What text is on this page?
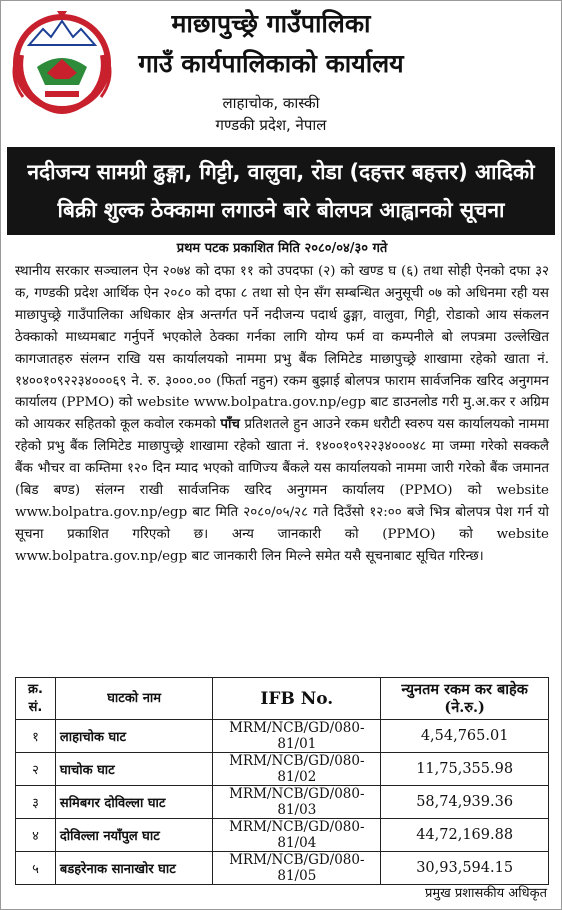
माछापुच्छ्रे गाउँपालिका
गाउँ कार्यपालिकाको कार्यालय
लाहाचोक, कास्की
गण्डकी प्रदेश, नेपाल
नदीजन्य सामग्री ढुङ्गा, गिट्टी, वालुवा, रोडा (दहत्तर बहत्तर) आदिको
बिक्री शुल्क ठेक्कामा लगाउने बारे बोलपत्र आह्वानको सूचना
प्रथम पटक प्रकाशित मिति २०८०/०४/३० गते
स्थानीय सरकार सञ्चालन ऐन २०७४ को दफा ११ को उपदफा (२) को खण्ड घ (६) तथा सोही ऐनको दफा ३२ क, गण्डकी प्रदेश आर्थिक ऐन २०८० को दफा ८ तथा सो ऐन सँग सम्बन्धित अनुसूची ०७ को अधिनमा रही यस माछापुच्छ्रे गाउँपालिका अधिकार क्षेत्र अन्तर्गत पर्ने नदीजन्य पदार्थ ढुङ्गा, वालुवा, गिट्टी, रोडाको आय संकलन ठेक्काको माध्यमबाट गर्नुपर्ने भएकोले ठेक्का गर्नका लागि योग्य फर्म वा कम्पनीले बो लपत्रमा उल्लेखित कागजातहरु संलग्न राखि यस कार्यालयको नाममा प्रभु बैंक लिमिटेड माछापुच्छ्रे शाखामा रहेको खाता नं. १४००१०९२२३४०००६९ ने. रु. ३०००.०० (फिर्ता नहुन) रकम बुझाई बोलपत्र फाराम सार्वजनिक खरिद अनुगमन कार्यालय (PPMO) को website www.bolpatra.gov.np/egp बाट डाउनलोड गरी मु.अ.कर र अग्रिम को आयकर सहितको कूल कवोल रकमको पाँच प्रतिशतले हुन आउने रकम धरौटी स्वरुप यस कार्यालयको नाममा रहेको प्रभु बैंक लिमिटेड माछापुच्छ्रे शाखामा रहेको खाता नं. १४००१०९२२३४०००४८ मा जम्मा गरेको सक्कलै बैंक भौचर वा कम्तिमा १२० दिन म्याद भएको वाणिज्य बैंकले यस कार्यालयको नाममा जारी गरेको बैंक जमानत (बिड बण्ड) संलग्न राखी सार्वजनिक खरिद अनुगमन कार्यालय (PPMO) को website www.bolpatra.gov.np/egp बाट मिति २०८०/०५/२८ गते दिउँसो १२:०० बजे भित्र बोलपत्र पेश गर्न यो सूचना प्रकाशित गरिएको छ। अन्य जानकारी को (PPMO) को website www.bolpatra.gov.np/egp बाट जानकारी लिन मिल्ने समेत यसै सूचनाबाट सूचित गरिन्छ।
क्र. सं.	घाटको नाम	IFB No.	न्युनतम रकम कर बाहेक (ने.रु.)
१	लाहाचोक घाट	MRM/NCB/GD/080-81/01	4,54,765.01
२	घाचोक घाट	MRM/NCB/GD/080-81/02	11,75,355.98
३	समिबगर दोविल्ला घाट	MRM/NCB/GD/080-81/03	58,74,939.36
४	दोविल्ला नयाँपुल घाट	MRM/NCB/GD/080-81/04	44,72,169.88
५	बडहरेनाक सानाखोर घाट	MRM/NCB/GD/080-81/05	30,93,594.15
प्रमुख प्रशासकीय अधिकृत
